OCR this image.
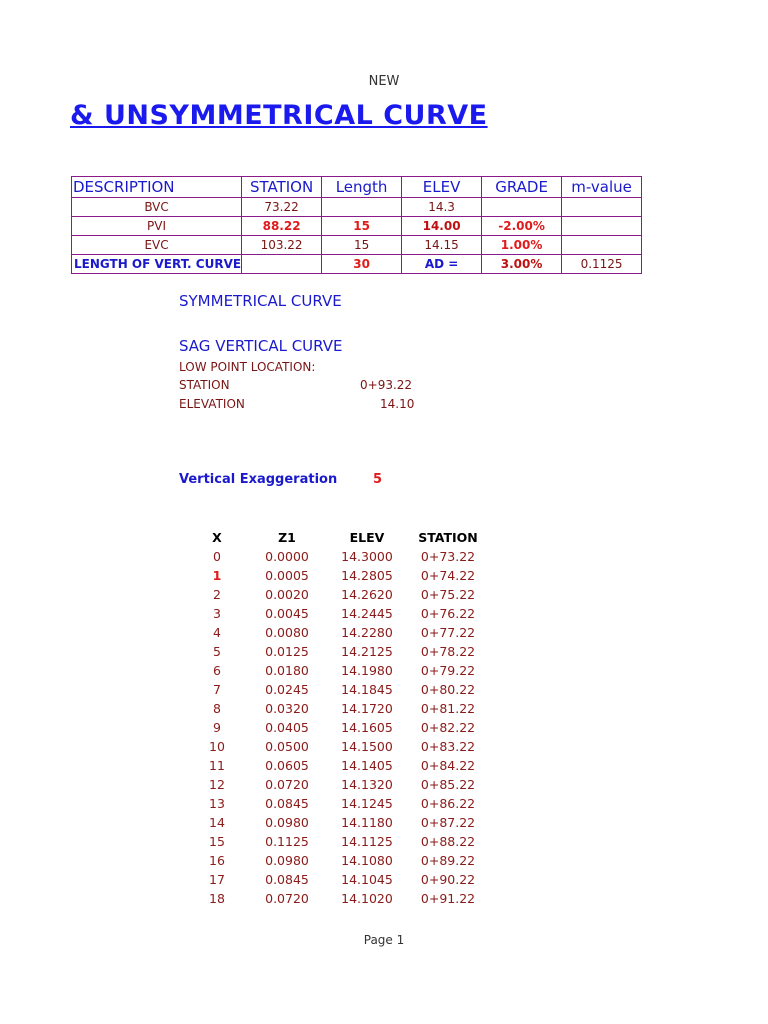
NEW
& UNSYMMETRICAL CURVE
DESCRIPTION	STATION	Length	ELEV	GRADE	m-value
BVC	73.22		14.3		
PVI	88.22	15	14.00	-2.00%	
EVC	103.22	15	14.15	1.00%	
LENGTH OF VERT. CURVE		30	AD =	3.00%	0.1125
SYMMETRICAL CURVE
SAG VERTICAL CURVE
LOW POINT LOCATION:
STATION	0+93.22
ELEVATION	14.10
Vertical Exaggeration	5
X	Z1	ELEV	STATION
0	0.0000	14.3000	0+73.22
1	0.0005	14.2805	0+74.22
2	0.0020	14.2620	0+75.22
3	0.0045	14.2445	0+76.22
4	0.0080	14.2280	0+77.22
5	0.0125	14.2125	0+78.22
6	0.0180	14.1980	0+79.22
7	0.0245	14.1845	0+80.22
8	0.0320	14.1720	0+81.22
9	0.0405	14.1605	0+82.22
10	0.0500	14.1500	0+83.22
11	0.0605	14.1405	0+84.22
12	0.0720	14.1320	0+85.22
13	0.0845	14.1245	0+86.22
14	0.0980	14.1180	0+87.22
15	0.1125	14.1125	0+88.22
16	0.0980	14.1080	0+89.22
17	0.0845	14.1045	0+90.22
18	0.0720	14.1020	0+91.22
Page 1
